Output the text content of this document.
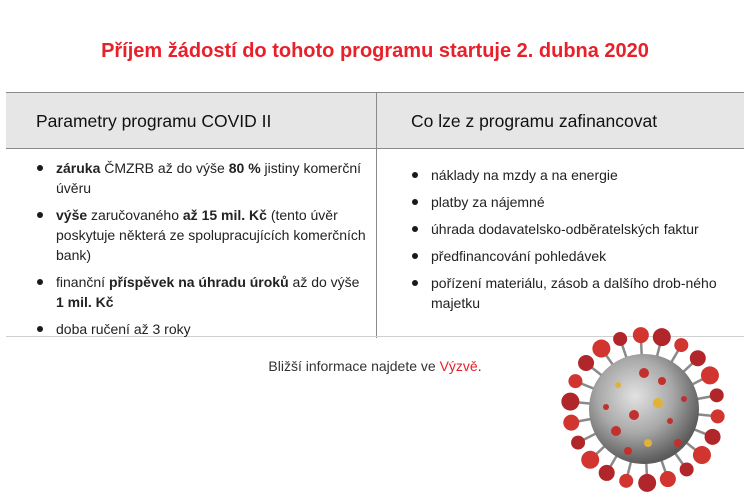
Příjem žádostí do tohoto programu startuje 2. dubna 2020
Parametry programu COVID II	Co lze z programu zafinancovat
záruka ČMZRB až do výše 80 % jistiny komerční úvěru
výše zaručovaného až 15 mil. Kč (tento úvěr poskytuje některá ze spolupracujících komerčních bank)
finanční příspěvek na úhradu úroků až do výše 1 mil. Kč
doba ručení až 3 roky
náklady na mzdy a na energie
platby za nájemné
úhrada dodavatelsko-odběratelských faktur
předfinancování pohledávek
pořízení materiálu, zásob a dalšího drob-ného majetku
Bližší informace najdete ve Výzvě.
